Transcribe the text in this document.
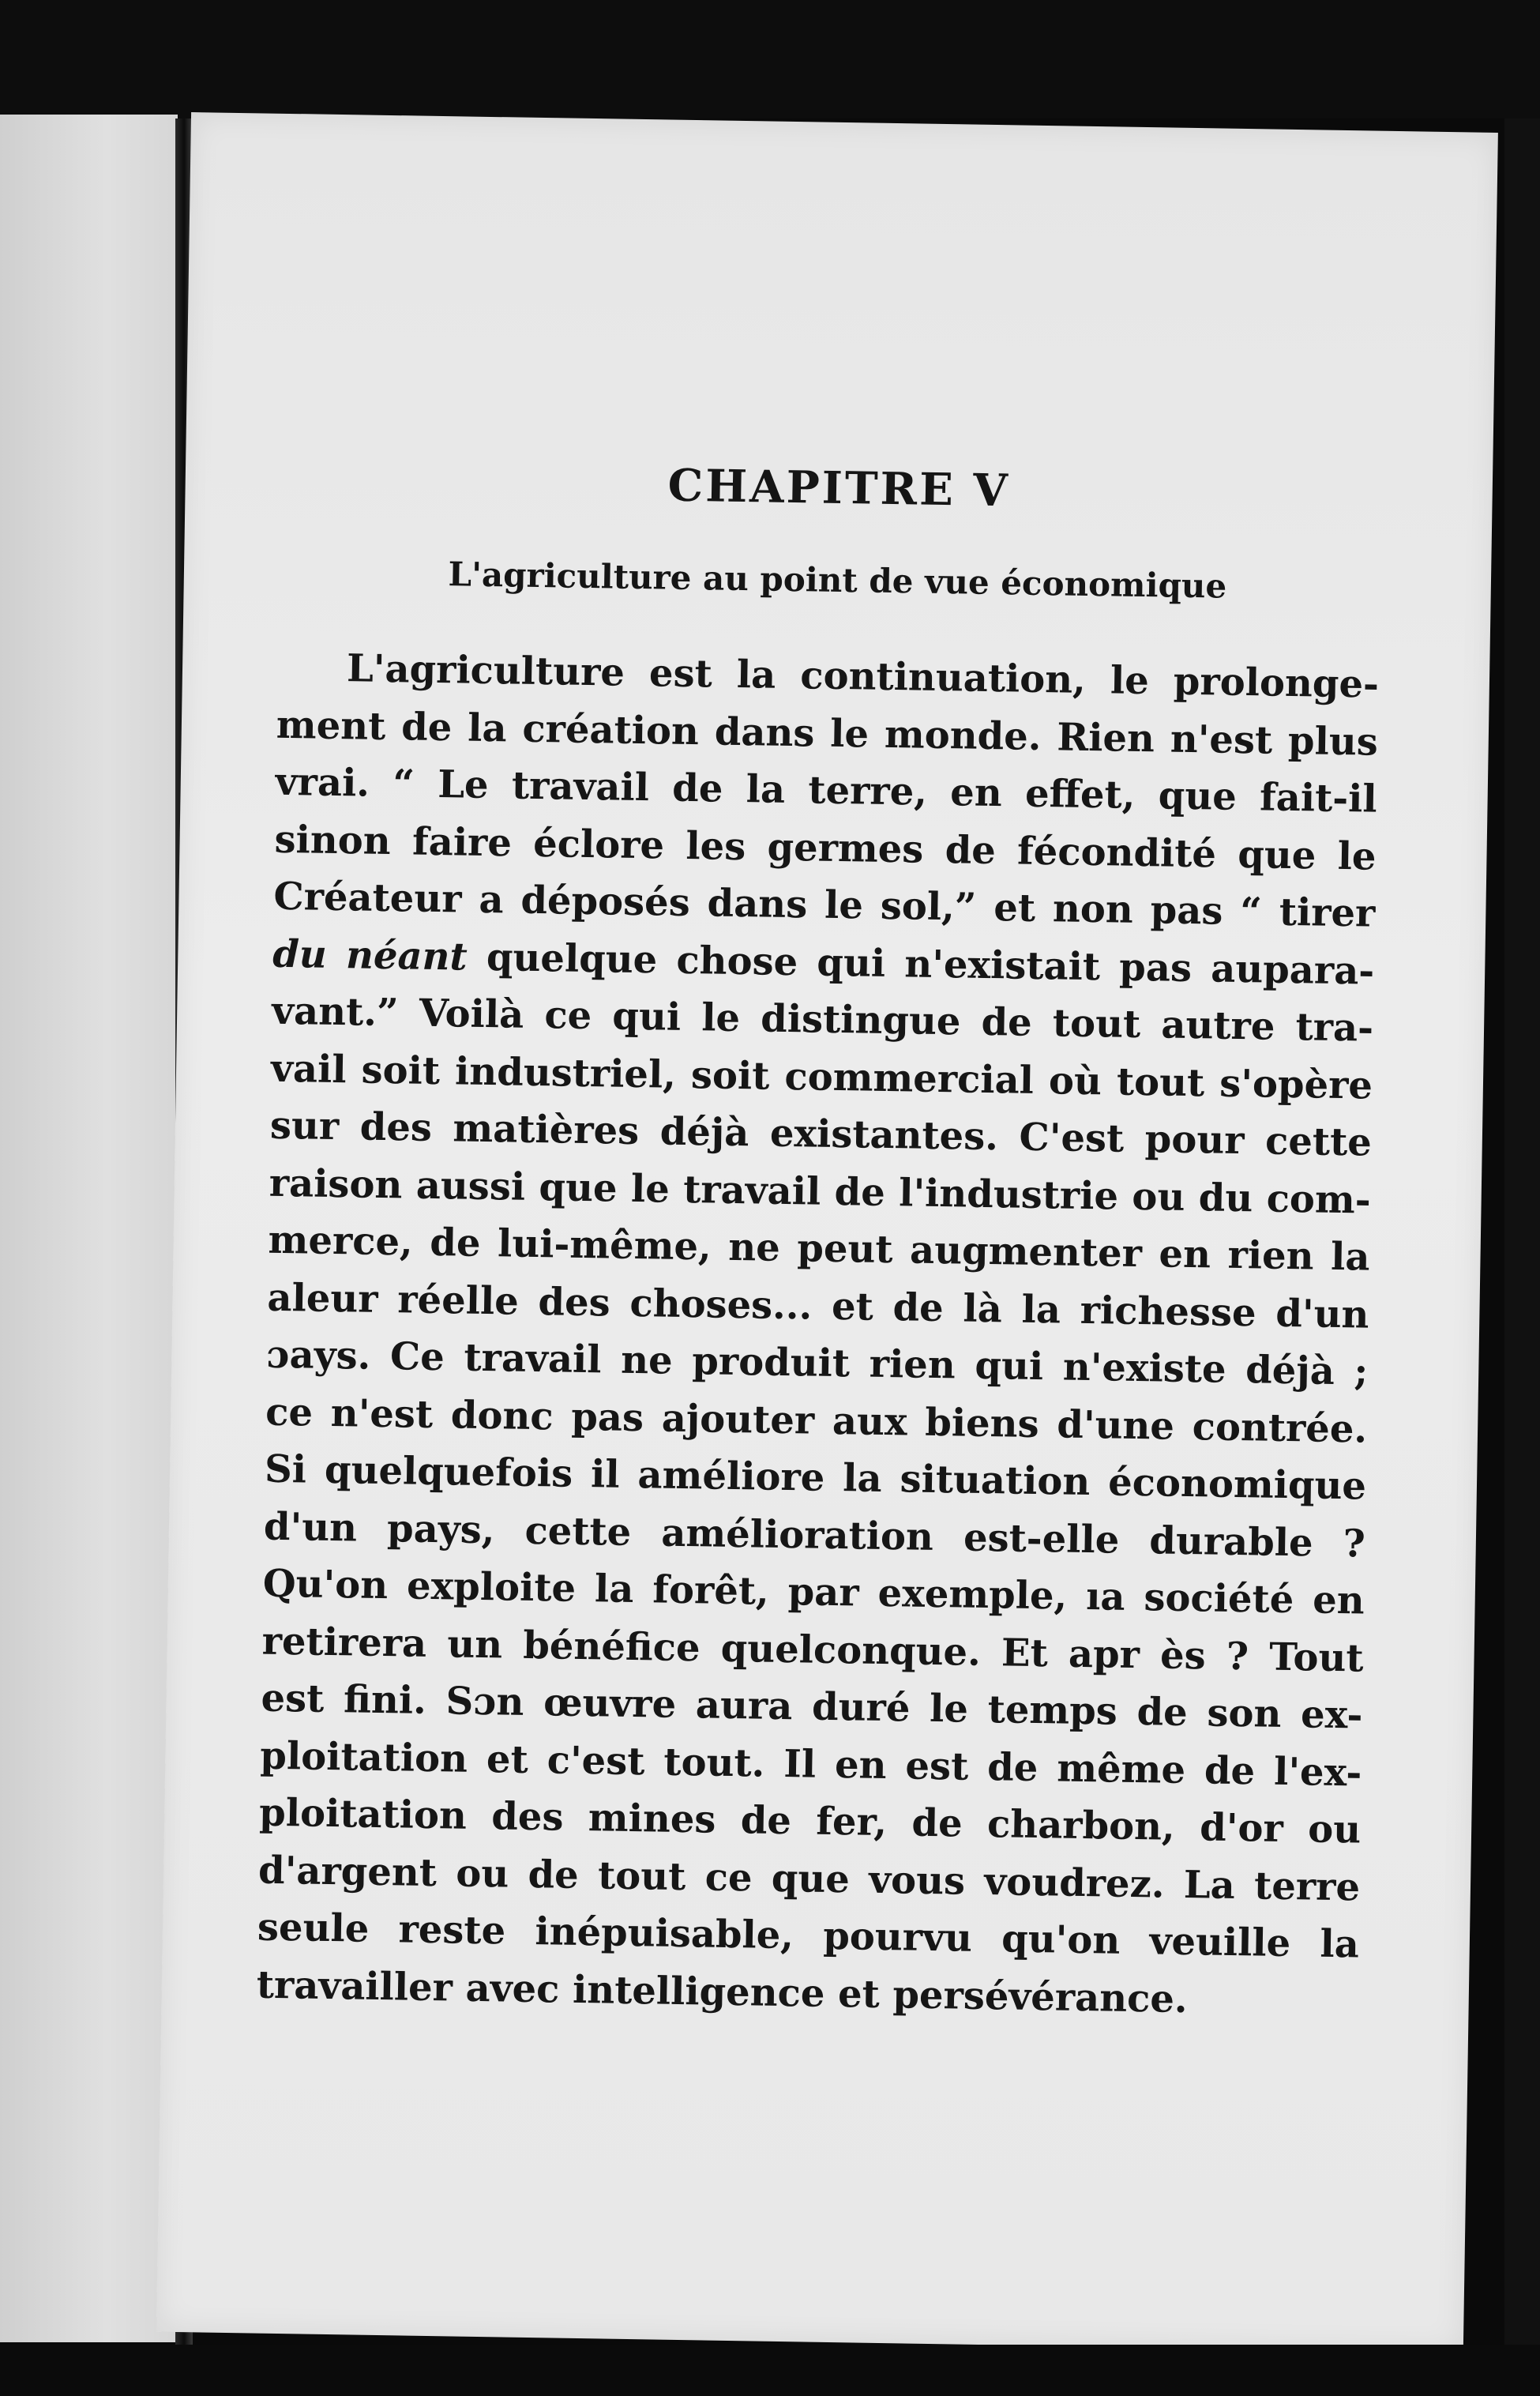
CHAPITRE V
L'agriculture au point de vue économique
L'agriculture est la continuation, le prolonge-
ment de la création dans le monde. Rien n'est plus
vrai. “ Le travail de la terre, en effet, que fait-il
sinon faire éclore les germes de fécondité que le
Créateur a déposés dans le sol,” et non pas “ tirer
du néant quelque chose qui n'existait pas aupara-
vant.” Voilà ce qui le distingue de tout autre tra-
vail soit industriel, soit commercial où tout s'opère
sur des matières déjà existantes. C'est pour cette
raison aussi que le travail de l'industrie ou du com-
merce, de lui-même, ne peut augmenter en rien la
aleur réelle des choses... et de là la richesse d'un
ɔays. Ce travail ne produit rien qui n'existe déjà ;
ce n'est donc pas ajouter aux biens d'une contrée.
Si quelquefois il améliore la situation économique
d'un pays, cette amélioration est-elle durable ?
Qu'on exploite la forêt, par exemple, ıa société en
retirera un bénéfice quelconque. Et apr ès ? Tout
est fini. Sɔn œuvre aura duré le temps de son ex-
ploitation et c'est tout. Il en est de même de l'ex-
ploitation des mines de fer, de charbon, d'or ou
d'argent ou de tout ce que vous voudrez. La terre
seule reste inépuisable, pourvu qu'on veuille la
travailler avec intelligence et persévérance.
